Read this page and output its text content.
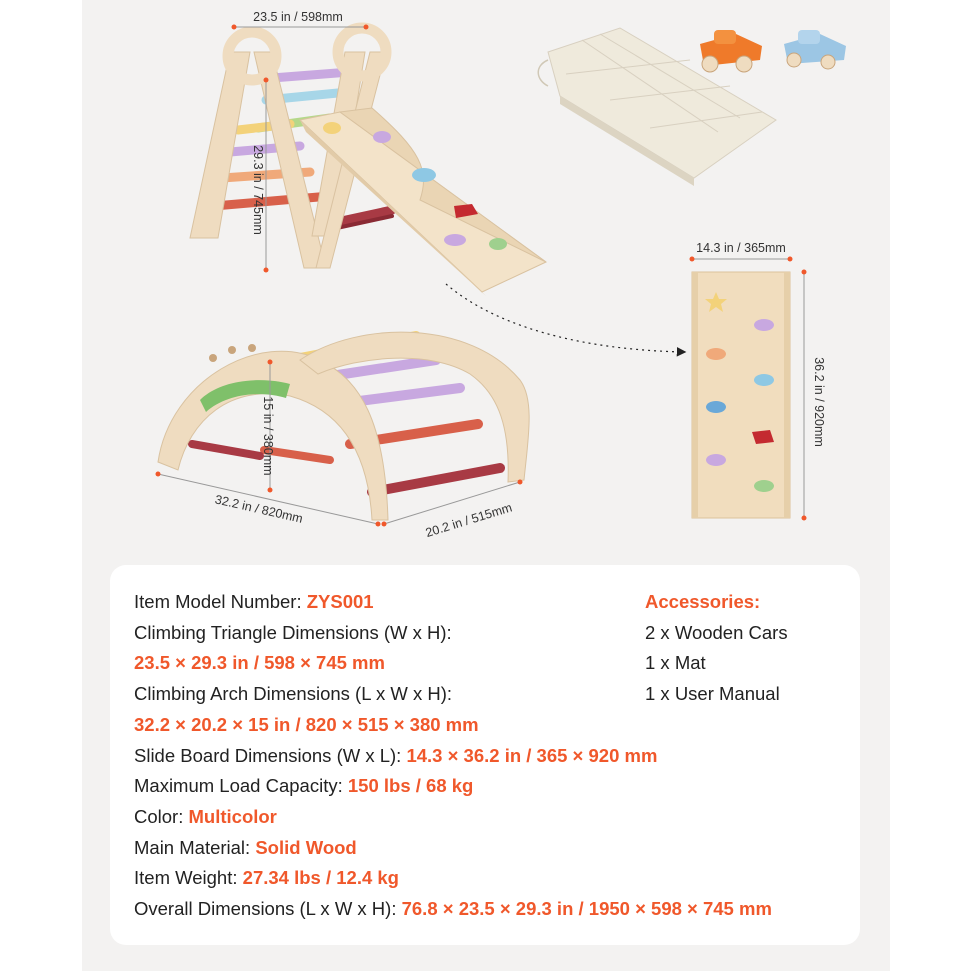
23.5 in / 598mm
29.3 in / 745mm
14.3 in / 365mm
36.2 in / 920mm
15 in / 380mm
32.2 in / 820mm	20.2 in / 515mm
Item Model Number: ZYS001
Climbing Triangle Dimensions (W x H):
23.5 × 29.3 in / 598 × 745 mm
Climbing Arch Dimensions (L x W x H):
32.2 × 20.2 × 15 in / 820 × 515 × 380 mm
Slide Board Dimensions (W x L): 14.3 × 36.2 in / 365 × 920 mm
Maximum Load Capacity: 150 lbs / 68 kg
Color: Multicolor
Main Material: Solid Wood
Item Weight: 27.34 lbs / 12.4 kg
Overall Dimensions (L x W x H): 76.8 × 23.5 × 29.3 in / 1950 × 598 × 745 mm
Accessories:
2 x Wooden Cars
1 x Mat
1 x User Manual
